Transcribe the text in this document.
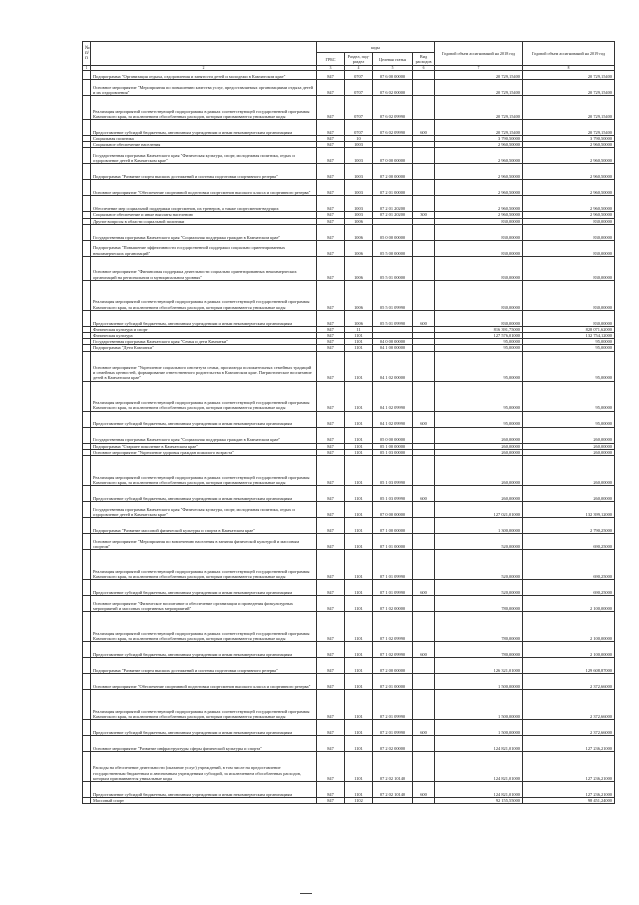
№
п/п		коды				Годовой объем ассигнований на 2018 год	Годовой объем ассигнований на 2019 год
		ГРБС	Раздел, под-раздел	Целевая статья	Вид расходов		
1	2	3	4	5	6	7	8
	Подпрограмма "Организация отдыха, оздоровления и занятости детей и молодежи в Камчатском крае"	847	0707	07 6 00 00000		20 729,15400	20 729,15400
	Основное мероприятие "Мероприятия по повышению качества услуг, предоставляемых организациями отдыха детей и их оздоровления"	847	0707	07 6 02 00000		20 729,15400	20 729,15400
	Реализация мероприятий соответствующей подпрограммы в рамках соответствующей государственной программы Камчатского края, за исключением обособленных расходов, которым присваиваются уникальные коды	847	0707	07 6 02 09990		20 729,15400	20 729,15400
	Предоставление субсидий бюджетным, автономным учреждениям и иным некоммерческим организациям	847	0707	07 6 02 09990	600	20 729,15400	20 729,15400
	Социальная политика	847	10			3 790,50000	3 790,50000
	Социальное обеспечение населения	847	1003			2 960,50000	2 960,50000
	Государственная программа Камчатского края "Физическая культура, спорт, молодежная политика, отдых и оздоровление детей в Камчатском крае"	847	1003	07 0 00 00000		2 960,50000	2 960,50000
	Подпрограмма "Развитие спорта высших достижений и системы подготовки спортивного резерва"	847	1003	07 2 00 00000		2 960,50000	2 960,50000
	Основное мероприятие "Обеспечение спортивной подготовки спортсменов высокого класса и спортивного резерва"	847	1003	07 2 01 00000		2 960,50000	2 960,50000
	Обеспечение мер социальной поддержки спортсменов, их тренеров, а также спортсменов-ведущих	847	1003	07 2 01 20200		2 960,50000	2 960,50000
	Социальное обеспечение и иные выплаты населению	847	1003	07 2 01 20200	300	2 960,50000	2 960,50000
	Другие вопросы в области социальной политики	847	1006			830,00000	830,00000
	Государственная программа Камчатского края "Социальная поддержка граждан в Камчатском крае"	847	1006	05 0 00 00000		830,00000	830,00000
	Подпрограмма "Повышение эффективности государственной поддержки социально ориентированных некоммерческих организаций"	847	1006	05 5 00 00000		830,00000	830,00000
	Основное мероприятие "Финансовая поддержка деятельности социально ориентированных некоммерческих организаций на региональном и муниципальном уровнях"	847	1006	05 5 01 00000		830,00000	830,00000
	Реализация мероприятий соответствующей подпрограммы в рамках соответствующей государственной программы Камчатского края, за исключением обособленных расходов, которым присваиваются уникальные коды	847	1006	05 5 01 09990		830,00000	830,00000
	Предоставление субсидий бюджетным, автономным учреждениям и иным некоммерческим организациям	847	1006	05 5 01 09990	600	830,00000	830,00000
	Физическая культура и спорт	847	11			816 391,75000	828 071,62000
	Физическая культура	847	1101			127 576,01000	132 754,12000
	Государственная программа Камчатского края "Семья и дети Камчатки"	847	1101	04 0 00 00000		95,00000	95,00000
	Подпрограмма "Дети Камчатки"	847	1101	04 1 00 00000		95,00000	95,00000
	Основное мероприятие "Укрепление социального института семьи, пропаганда положительных семейных традиций и семейных ценностей, формирование ответственного родительства в Камчатском крае. Патриотическое воспитание детей в Камчатском крае"	847	1101	04 1 02 00000		95,00000	95,00000
	Реализация мероприятий соответствующей подпрограммы в рамках соответствующей государственной программы Камчатского края, за исключением обособленных расходов, которым присваиваются уникальные коды	847	1101	04 1 02 09990		95,00000	95,00000
	Предоставление субсидий бюджетным, автономным учреждениям и иным некоммерческим организациям	847	1101	04 1 02 09990	600	95,00000	95,00000
	Государственная программа Камчатского края "Социальная поддержка граждан в Камчатском крае"	847	1101	05 0 00 00000		260,00000	260,00000
	Подпрограмма "Старшее поколение в Камчатском крае"	847	1101	05 1 00 00000		260,00000	260,00000
	Основное мероприятие "Укрепление здоровья граждан пожилого возраста"	847	1101	05 1 03 00000		260,00000	260,00000
	Реализация мероприятий соответствующей подпрограммы в рамках соответствующей государственной программы Камчатского края, за исключением обособленных расходов, которым присваиваются уникальные коды	847	1101	05 1 03 09990		260,00000	260,00000
	Предоставление субсидий бюджетным, автономным учреждениям и иным некоммерческим организациям	847	1101	05 1 03 09990	600	260,00000	260,00000
	Государственная программа Камчатского края "Физическая культура, спорт, молодежная политика, отдых и оздоровление детей в Камчатском крае"	847	1101	07 0 00 00000		127 021,01000	132 399,12000
	Подпрограмма "Развитие массовой физической культуры и спорта в Камчатском крае"	847	1101	07 1 00 00000		1 300,00000	2 790,25000
	Основное мероприятие "Мероприятия по вовлечению населения в занятия физической культурой и массовым спортом"	847	1101	07 1 01 00000		520,00000	690,25000
	Реализация мероприятий соответствующей подпрограммы в рамках соответствующей государственной программы Камчатского края, за исключением обособленных расходов, которым присваиваются уникальные коды	847	1101	07 1 01 09990		520,00000	690,25000
	Предоставление субсидий бюджетным, автономным учреждениям и иным некоммерческим организациям	847	1101	07 1 01 09990	600	520,00000	690,25000
	Основное мероприятие "Физическое воспитание и обеспечение организации и проведения физкультурных мероприятий и массовых спортивных мероприятий"	847	1101	07 1 02 00000		780,00000	2 100,00000
	Реализация мероприятий соответствующей подпрограммы в рамках соответствующей государственной программы Камчатского края, за исключением обособленных расходов, которым присваиваются уникальные коды	847	1101	07 1 02 09990		780,00000	2 100,00000
	Предоставление субсидий бюджетным, автономным учреждениям и иным некоммерческим организациям	847	1101	07 1 02 09990	600	780,00000	2 100,00000
	Подпрограмма "Развитие спорта высших достижений и системы подготовки спортивного резерва"	847	1101	07 2 00 00000		126 321,01000	129 608,87000
	Основное мероприятие "Обеспечение спортивной подготовки спортсменов высокого класса и спортивного резерва"	847	1101	07 2 01 00000		1 500,00000	2 372,66000
	Реализация мероприятий соответствующей подпрограммы в рамках соответствующей государственной программы Камчатского края, за исключением обособленных расходов, которым присваиваются уникальные коды	847	1101	07 2 01 09990		1 500,00000	2 372,66000
	Предоставление субсидий бюджетным, автономным учреждениям и иным некоммерческим организациям	847	1101	07 2 01 09990	600	1 500,00000	2 372,66000
	Основное мероприятие "Развитие инфраструктуры сферы физической культуры и спорта"	847	1101	07 2 02 00000		124 821,01000	127 236,21000
	Расходы на обеспечение деятельности (оказание услуг) учреждений, в том числе на предоставление государственным бюджетным и автономным учреждениям субсидий, за исключением обособленных расходов, которым присваиваются уникальные коды	847	1101	07 2 02 10140		124 821,01000	127 236,21000
	Предоставление субсидий бюджетным, автономным учреждениям и иным некоммерческим организациям	847	1101	07 2 02 10140	600	124 821,01000	127 236,21000
	Массовый спорт	847	1102			92 155,55000	98 451,24000
